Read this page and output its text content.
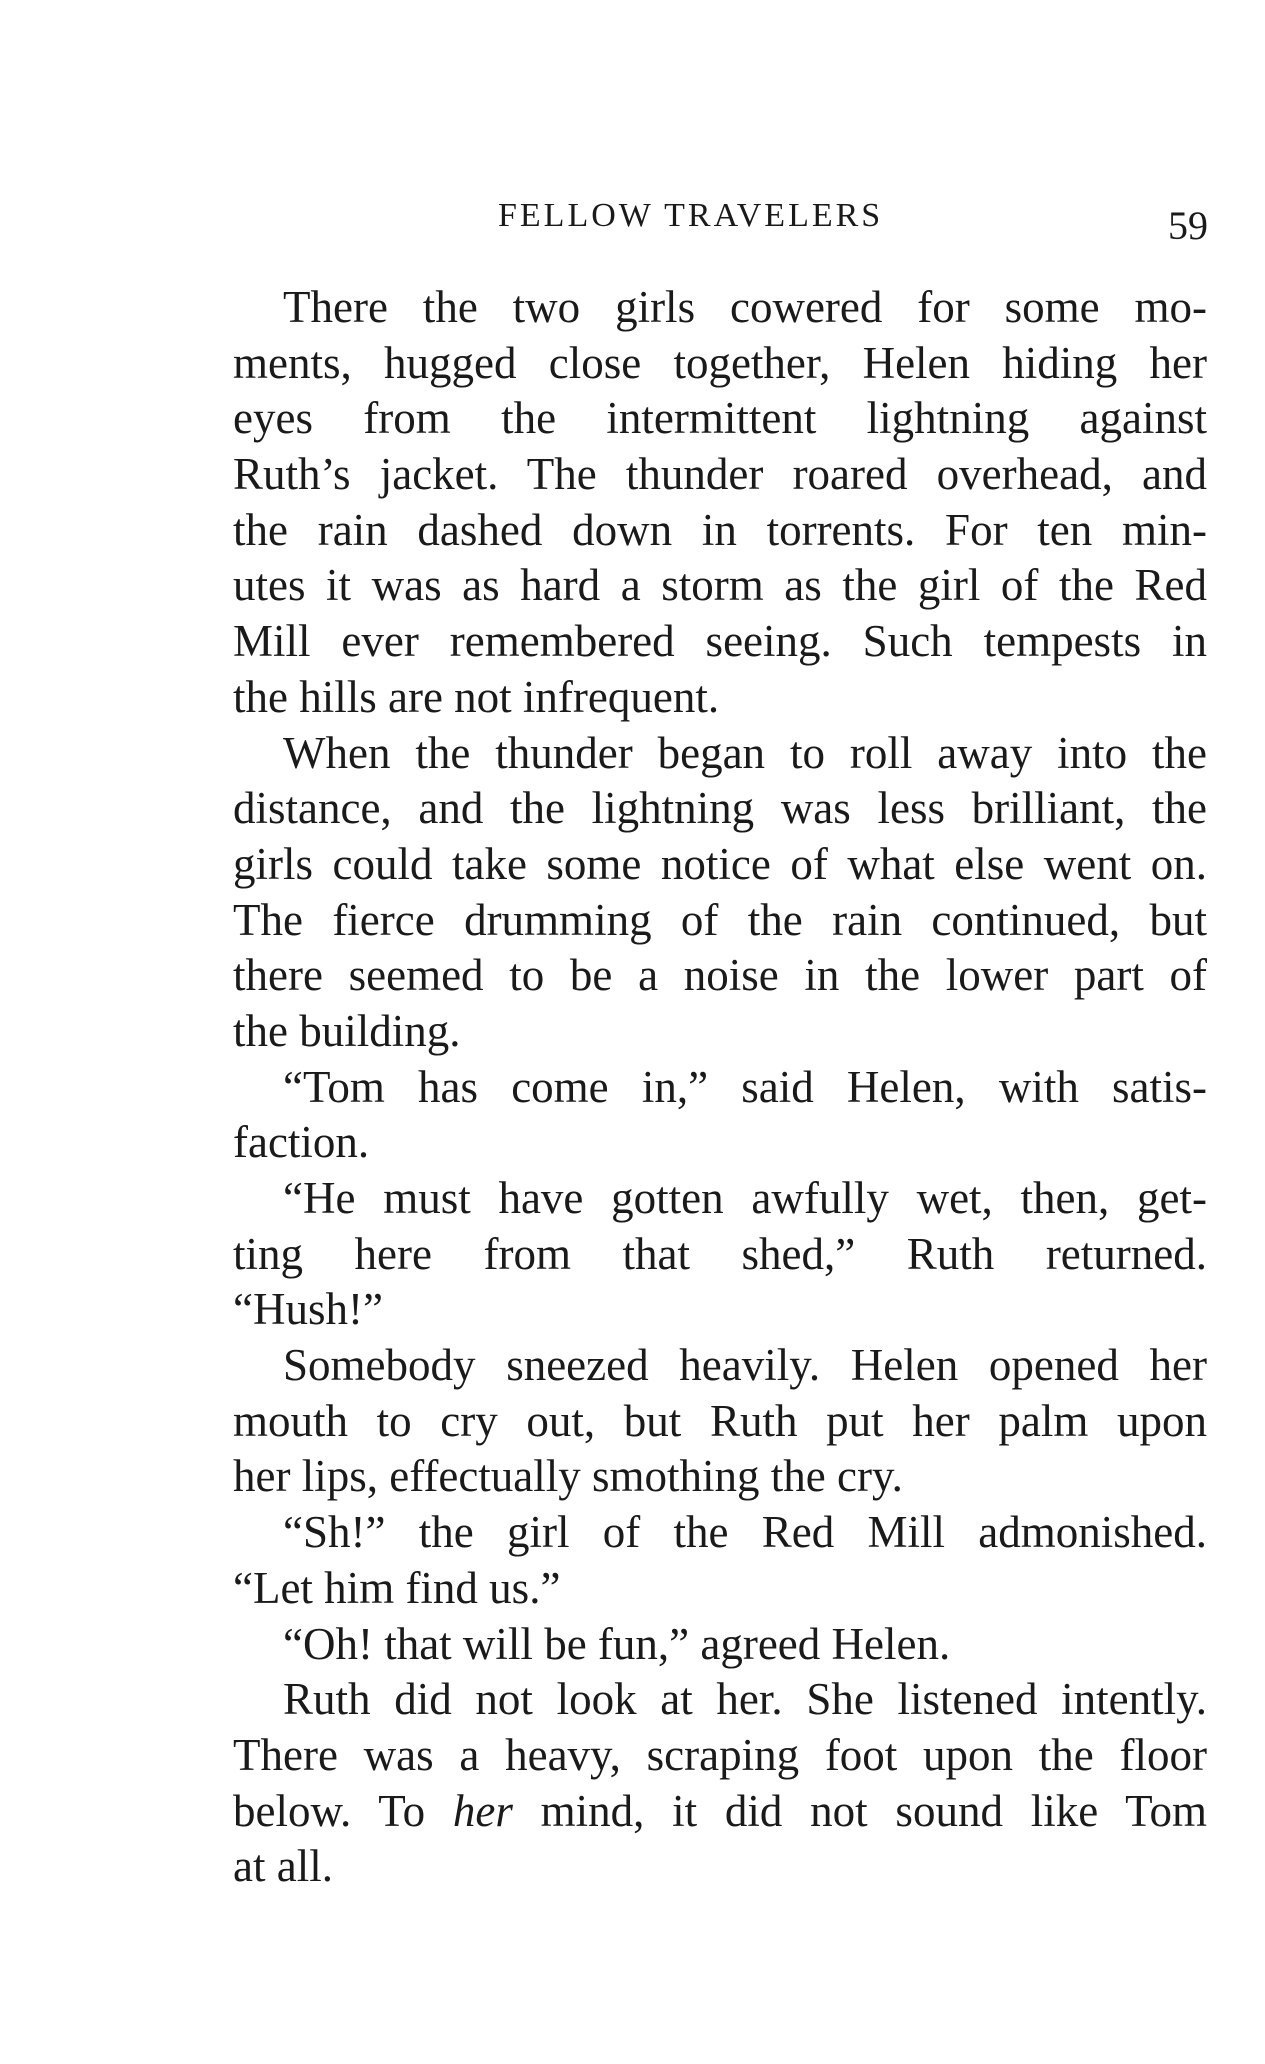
FELLOW TRAVELERS	59
There the two girls cowered for some mo-
ments, hugged close together, Helen hiding her
eyes from the intermittent lightning against
Ruth’s jacket. The thunder roared overhead, and
the rain dashed down in torrents. For ten min-
utes it was as hard a storm as the girl of the Red
Mill ever remembered seeing. Such tempests in
the hills are not infrequent.
When the thunder began to roll away into the
distance, and the lightning was less brilliant, the
girls could take some notice of what else went on.
The fierce drumming of the rain continued, but
there seemed to be a noise in the lower part of
the building.
“Tom has come in,” said Helen, with satis-
faction.
“He must have gotten awfully wet, then, get-
ting here from that shed,” Ruth returned.
“Hush!”
Somebody sneezed heavily. Helen opened her
mouth to cry out, but Ruth put her palm upon
her lips, effectually smothing the cry.
“Sh!” the girl of the Red Mill admonished.
“Let him find us.”
“Oh! that will be fun,” agreed Helen.
Ruth did not look at her. She listened intently.
There was a heavy, scraping foot upon the floor
below. To her mind, it did not sound like Tom
at all.
